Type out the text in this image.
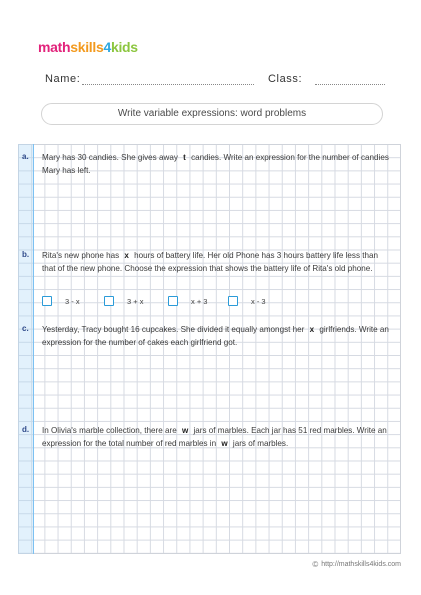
math skills 4 kids
Name:	Class:
Write variable expressions: word problems
a. Mary has 30 candies. She gives away t candies. Write an expression for the number of candies Mary has left.
b. Rita's new phone has x hours of battery life. Her old Phone has 3 hours battery life less than that of the new phone. Choose the expression that shows the battery life of Rita's old phone.
3 - x	3 + x	x + 3	x - 3
c. Yesterday, Tracy bought 16 cupcakes. She divided it equally amongst her x girlfriends. Write an expression for the number of cakes each girlfriend got.
d. In Olivia's marble collection, there are w jars of marbles. Each jar has 51 red marbles. Write an expression for the total number of red marbles in w jars of marbles.
© http://mathskills4kids.com
